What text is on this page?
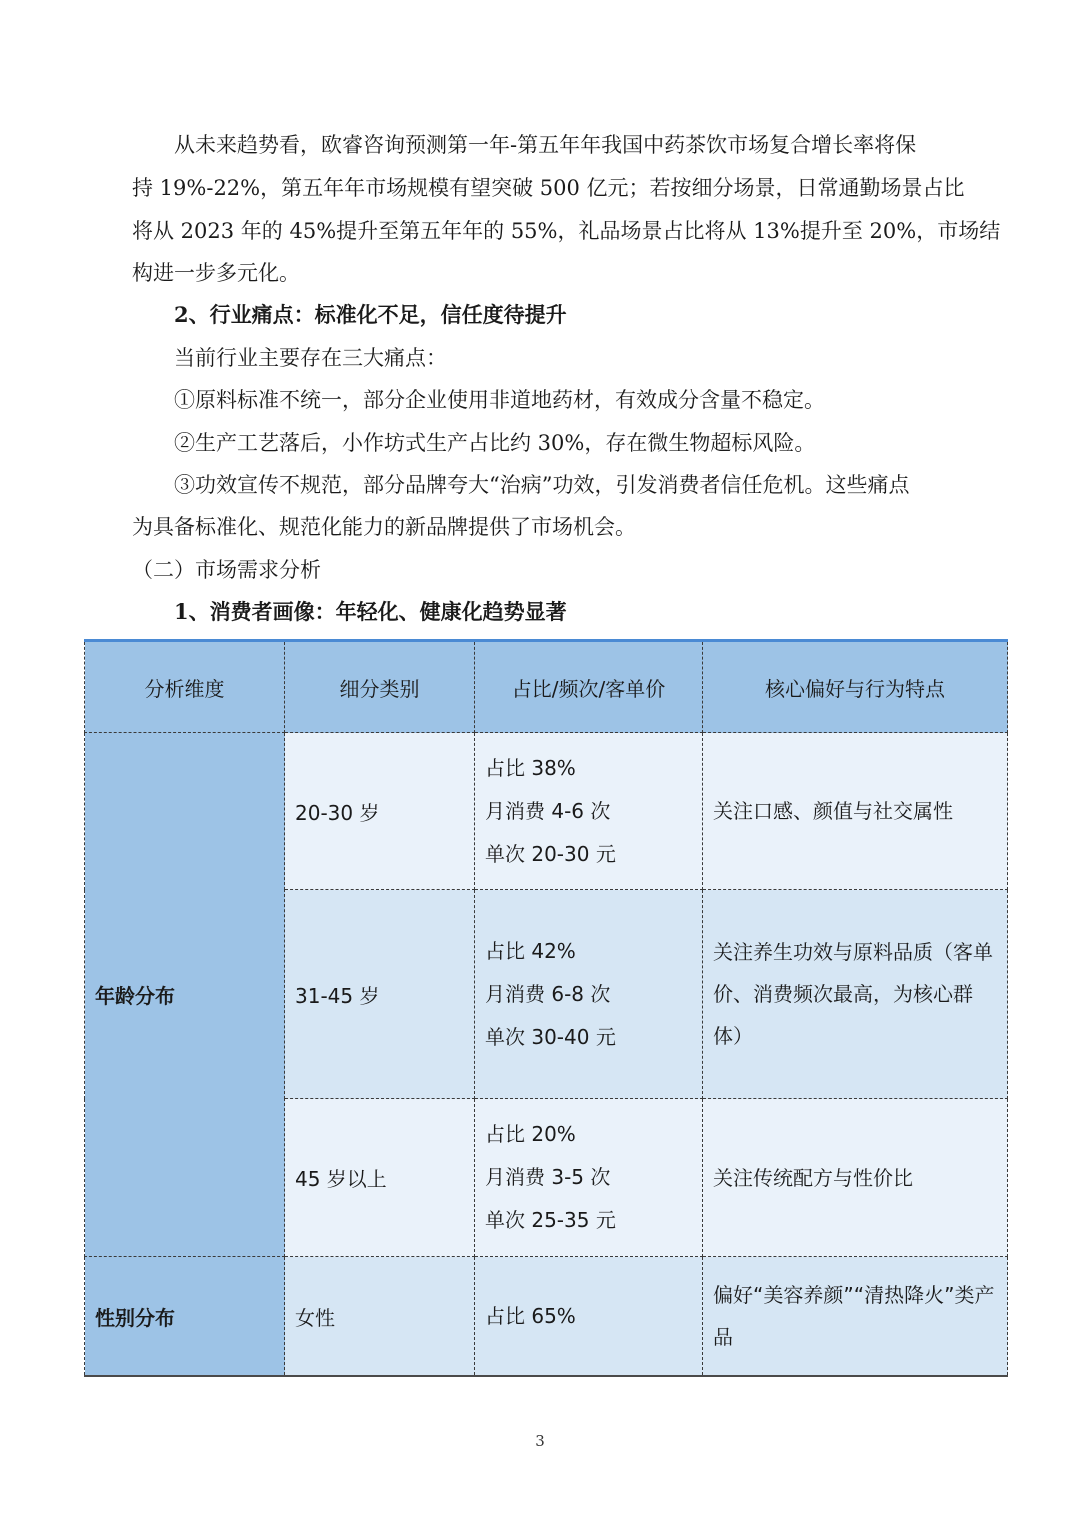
从未来趋势看，欧睿咨询预测第一年-第五年年我国中药茶饮市场复合增长率将保
持 19%-22%，第五年年市场规模有望突破 500 亿元；若按细分场景，日常通勤场景占比
将从 2023 年的 45%提升至第五年年的 55%，礼品场景占比将从 13%提升至 20%，市场结
构进一步多元化。
2、行业痛点：标准化不足，信任度待提升
当前行业主要存在三大痛点：
①原料标准不统一，部分企业使用非道地药材，有效成分含量不稳定。
②生产工艺落后，小作坊式生产占比约 30%，存在微生物超标风险。
③功效宣传不规范，部分品牌夸大“治病”功效，引发消费者信任危机。这些痛点
为具备标准化、规范化能力的新品牌提供了市场机会。
（二）市场需求分析
1、消费者画像：年轻化、健康化趋势显著
分析维度	细分类别	占比/频次/客单价	核心偏好与行为特点
年龄分布	20-30 岁	占比 38%
月消费 4-6 次
单次 20-30 元	关注口感、颜值与社交属性
	31-45 岁	占比 42%
月消费 6-8 次
单次 30-40 元	关注养生功效与原料品质（客单价、消费频次最高，为核心群体）
	45 岁以上	占比 20%
月消费 3-5 次
单次 25-35 元	关注传统配方与性价比
性别分布	女性	占比 65%	偏好“美容养颜”“清热降火”类产品
3
